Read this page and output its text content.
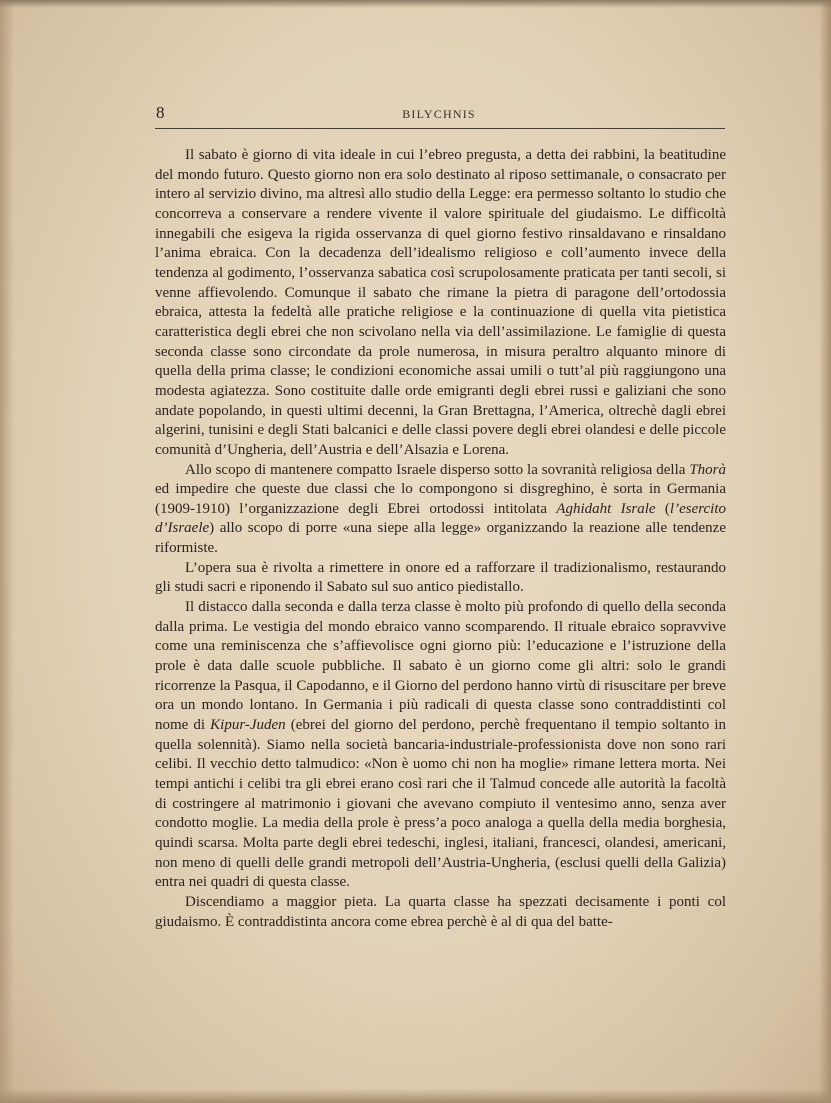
8	BILYCHNIS

Il sabato è giorno di vita ideale in cui l’ebreo pregusta, a detta dei rabbini, la beatitudine del mondo futuro. Questo giorno non era solo destinato al riposo settimanale, o consacrato per intero al servizio divino, ma altresì allo studio della Legge: era permesso soltanto lo studio che concorreva a conservare a rendere vivente il valore spirituale del giudaismo. Le difficoltà innegabili che esigeva la rigida osservanza di quel giorno festivo rinsaldavano e rinsaldano l’anima ebraica. Con la decadenza dell’idealismo religioso e coll’aumento invece della tendenza al godimento, l’osservanza sabatica così scrupolosamente praticata per tanti secoli, si venne affievolendo. Comunque il sabato che rimane la pietra di paragone dell’ortodossia ebraica, attesta la fedeltà alle pratiche religiose e la continuazione di quella vita pietistica caratteristica degli ebrei che non scivolano nella via dell’assimilazione. Le famiglie di questa seconda classe sono circondate da prole numerosa, in misura peraltro alquanto minore di quella della prima classe; le condizioni economiche assai umili o tutt’al più raggiungono una modesta agiatezza. Sono costituite dalle orde emigranti degli ebrei russi e galiziani che sono andate popolando, in questi ultimi decenni, la Gran Brettagna, l’America, oltrechè dagli ebrei algerini, tunisini e degli Stati balcanici e delle classi povere degli ebrei olandesi e delle piccole comunità d’Ungheria, dell’Austria e dell’Alsazia e Lorena.

Allo scopo di mantenere compatto Israele disperso sotto la sovranità religiosa della Thorà ed impedire che queste due classi che lo compongono si disgreghino, è sorta in Germania (1909-1910) l’organizzazione degli Ebrei ortodossi intitolata Aghidaht Israle (l’esercito d’Israele) allo scopo di porre «una siepe alla legge» organizzando la reazione alle tendenze riformiste.

L’opera sua è rivolta a rimettere in onore ed a rafforzare il tradizionalismo, restaurando gli studi sacri e riponendo il Sabato sul suo antico piedistallo.

Il distacco dalla seconda e dalla terza classe è molto più profondo di quello della seconda dalla prima. Le vestigia del mondo ebraico vanno scomparendo. Il rituale ebraico sopravvive come una reminiscenza che s’affievolisce ogni giorno più: l’educazione e l’istruzione della prole è data dalle scuole pubbliche. Il sabato è un giorno come gli altri: solo le grandi ricorrenze la Pasqua, il Capodanno, e il Giorno del perdono hanno virtù di risuscitare per breve ora un mondo lontano. In Germania i più radicali di questa classe sono contraddistinti col nome di Kipur-Juden (ebrei del giorno del perdono, perchè frequentano il tempio soltanto in quella solennità). Siamo nella società bancaria-industriale-professionista dove non sono rari celibi. Il vecchio detto talmudico: «Non è uomo chi non ha moglie» rimane lettera morta. Nei tempi antichi i celibi tra gli ebrei erano così rari che il Talmud concede alle autorità la facoltà di costringere al matrimonio i giovani che avevano compiuto il ventesimo anno, senza aver condotto moglie. La media della prole è press’a poco analoga a quella della media borghesia, quindi scarsa. Molta parte degli ebrei tedeschi, inglesi, italiani, francesci, olandesi, americani, non meno di quelli delle grandi metropoli dell’Austria-Ungheria, (esclusi quelli della Galizia) entra nei quadri di questa classe.

Discendiamo a maggior pieta. La quarta classe ha spezzati decisamente i ponti col giudaismo. È contraddistinta ancora come ebrea perchè è al di qua del batte-
